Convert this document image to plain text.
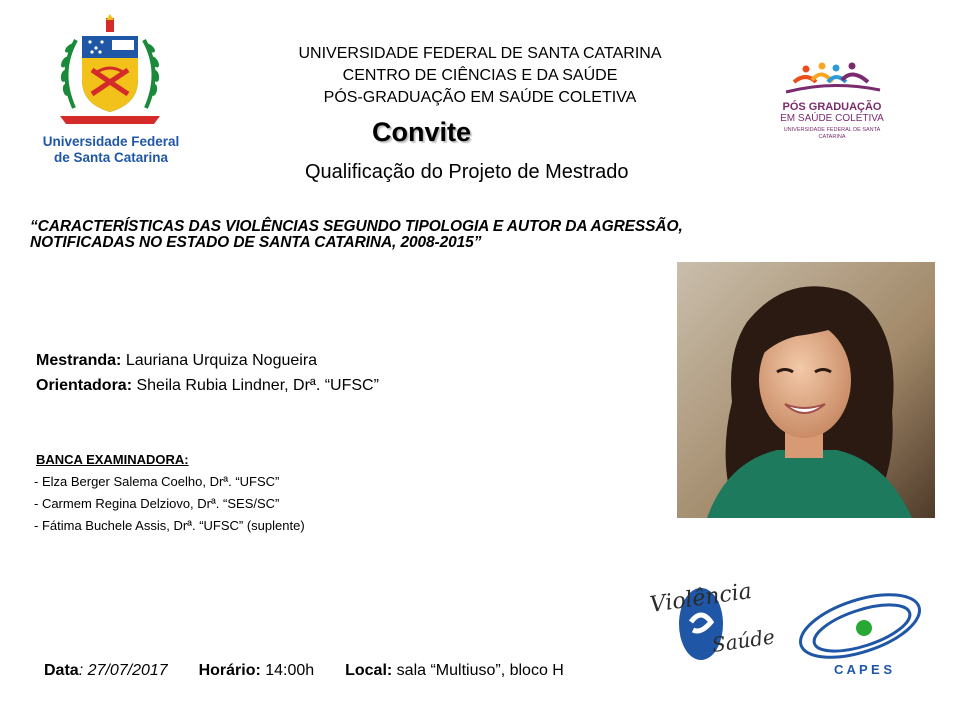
Universidade Federal
de Santa Catarina
UNIVERSIDADE FEDERAL DE SANTA CATARINA
CENTRO DE CIÊNCIAS E DA SAÚDE
PÓS-GRADUAÇÃO EM SAÚDE COLETIVA
Convite
Qualificação do Projeto de Mestrado
PÓS GRADUAÇÃO
EM SAÚDE COLETIVA
UNIVERSIDADE FEDERAL DE SANTA CATARINA
“CARACTERÍSTICAS DAS VIOLÊNCIAS SEGUNDO TIPOLOGIA E AUTOR DA AGRESSÃO,
NOTIFICADAS NO ESTADO DE SANTA CATARINA, 2008-2015”
Mestranda: Lauriana Urquiza Nogueira
Orientadora: Sheila Rubia Lindner, Drª. “UFSC”
BANCA EXAMINADORA:
- Elza Berger Salema Coelho, Drª. “UFSC”
- Carmem Regina Delziovo, Drª. “SES/SC”
- Fátima Buchele Assis, Drª. “UFSC” (suplente)
Violência
Saúde
C A P E S
Data: 27/07/2017 Horário: 14:00h Local: sala “Multiuso”, bloco H
